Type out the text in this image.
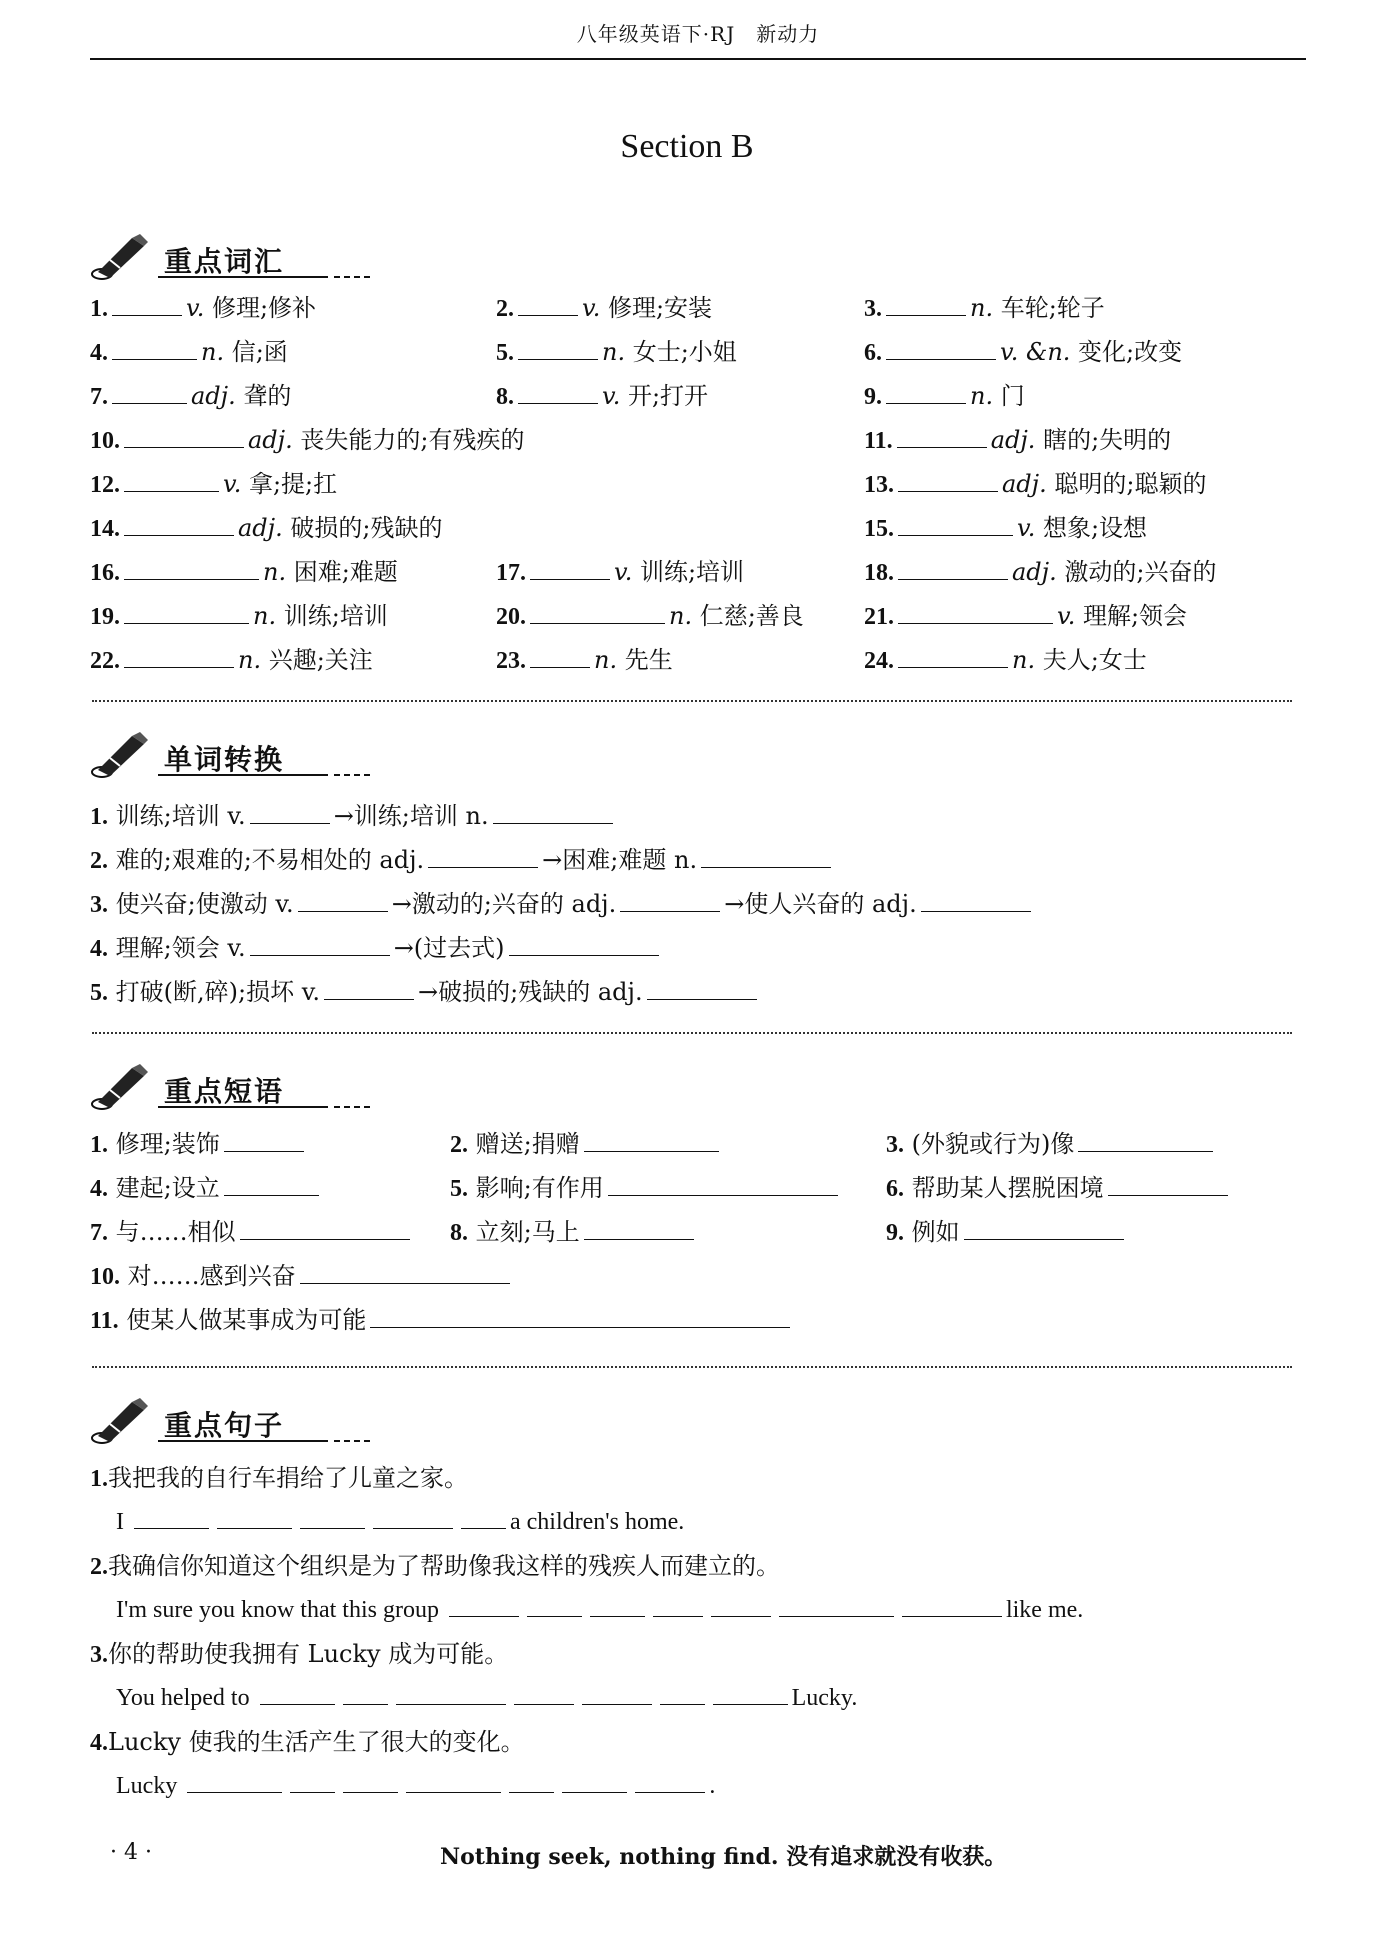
八年级英语下·RJ　新动力
Section B
重点词汇
1.	v. 修理;修补	2.	v. 修理;安装	3.	n. 车轮;轮子
4.	n. 信;函	5.	n. 女士;小姐	6.	v. &n. 变化;改变
7.	adj. 聋的	8.	v. 开;打开	9.	n. 门
10.	adj. 丧失能力的;有残疾的	11.	adj. 瞎的;失明的
12.	v. 拿;提;扛	13.	adj. 聪明的;聪颖的
14.	adj. 破损的;残缺的	15.	v. 想象;设想
16.	n. 困难;难题	17.	v. 训练;培训	18.	adj. 激动的;兴奋的
19.	n. 训练;培训	20.	n. 仁慈;善良	21.	v. 理解;领会
22.	n. 兴趣;关注	23.	n. 先生	24.	n. 夫人;女士
单词转换
1. 训练;培训 v.	→训练;培训 n.
2. 难的;艰难的;不易相处的 adj.	→困难;难题 n.
3. 使兴奋;使激动 v.	→激动的;兴奋的 adj.	→使人兴奋的 adj.
4. 理解;领会 v.	→(过去式)
5. 打破(断,碎);损坏 v.	→破损的;残缺的 adj.
重点短语
1. 修理;装饰	2. 赠送;捐赠	3. (外貌或行为)像
4. 建起;设立	5. 影响;有作用	6. 帮助某人摆脱困境
7. 与……相似	8. 立刻;马上	9. 例如
10. 对……感到兴奋
11. 使某人做某事成为可能
重点句子
1.我把我的自行车捐给了儿童之家。
I	a children's home.
2.我确信你知道这个组织是为了帮助像我这样的残疾人而建立的。
I'm sure you know that this group	like me.
3.你的帮助使我拥有 Lucky 成为可能。
You helped to	Lucky.
4.Lucky 使我的生活产生了很大的变化。
Lucky	.
· 4 ·	Nothing seek, nothing find. 没有追求就没有收获。
